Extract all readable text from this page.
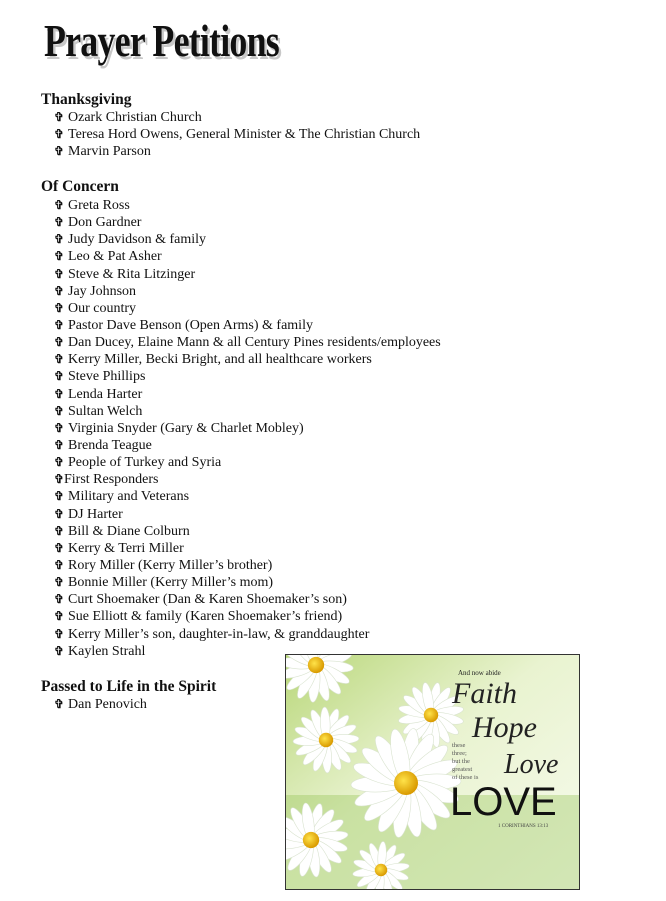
Prayer Petitions
Thanksgiving
✞ Ozark Christian Church
✞ Teresa Hord Owens, General Minister & The Christian Church
✞ Marvin Parson
Of Concern
✞ Greta Ross
✞ Don Gardner
✞ Judy Davidson & family
✞ Leo & Pat Asher
✞ Steve & Rita Litzinger
✞ Jay Johnson
✞ Our country
✞ Pastor Dave Benson (Open Arms) & family
✞ Dan Ducey, Elaine Mann & all Century Pines residents/employees
✞ Kerry Miller, Becki Bright, and all healthcare workers
✞ Steve Phillips
✞ Lenda Harter
✞ Sultan Welch
✞ Virginia Snyder (Gary & Charlet Mobley)
✞ Brenda Teague
✞ People of Turkey and Syria
✞First Responders
✞ Military and Veterans
✞ DJ Harter
✞ Bill & Diane Colburn
✞ Kerry & Terri Miller
✞ Rory Miller (Kerry Miller’s brother)
✞ Bonnie Miller (Kerry Miller’s mom)
✞ Curt Shoemaker (Dan & Karen Shoemaker’s son)
✞ Sue Elliott & family (Karen Shoemaker’s friend)
✞ Kerry Miller’s son, daughter-in-law, & granddaughter
✞ Kaylen Strahl
Passed to Life in the Spirit
✞ Dan Penovich
And now abide
Faith
Hope
Love
these
three;
but the
greatest
of these is
LOVE
1 CORINTHIANS 13:13
